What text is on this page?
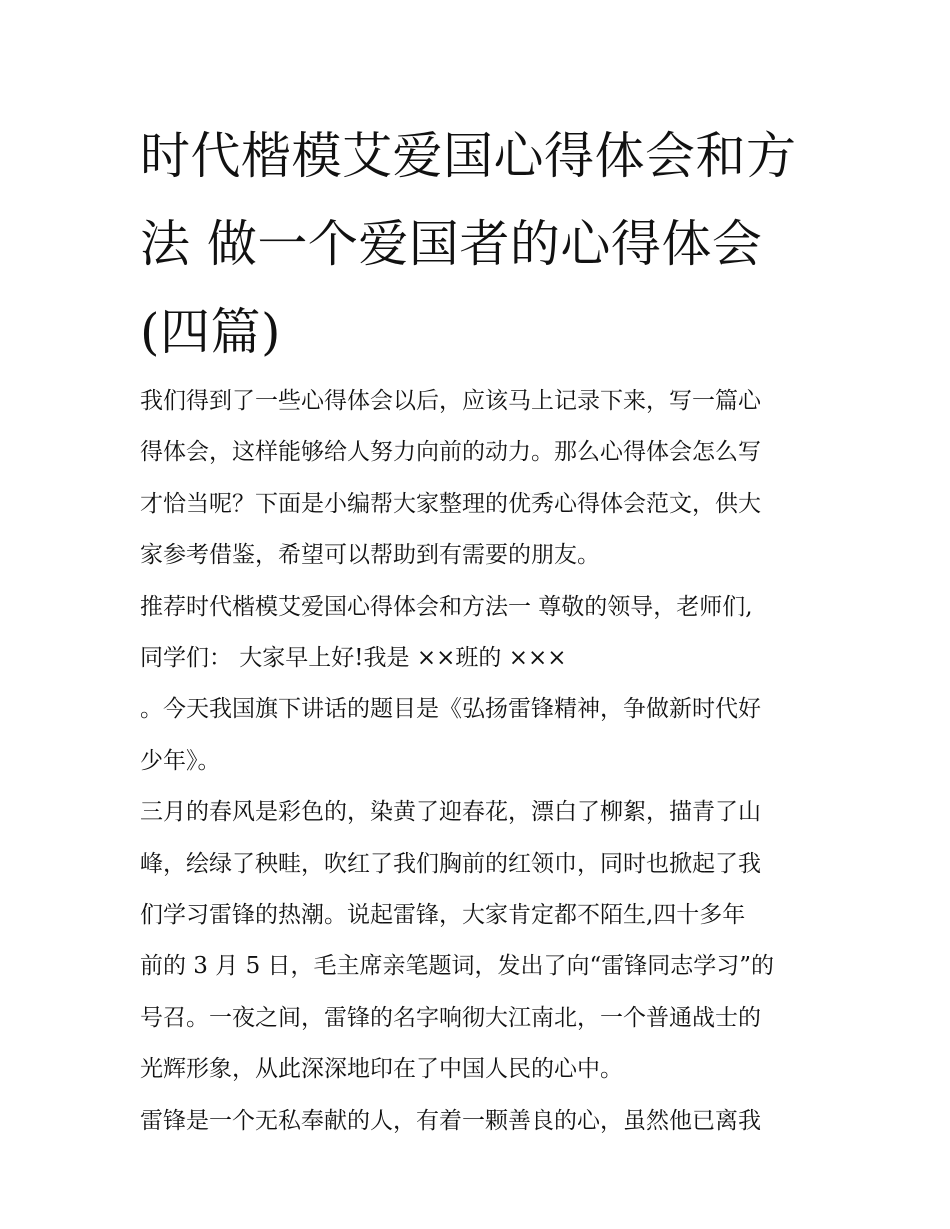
时代楷模艾爱国心得体会和方
法 做一个爱国者的心得体会
(四篇)
我们得到了一些心得体会以后，应该马上记录下来，写一篇心
得体会，这样能够给人努力向前的动力。那么心得体会怎么写
才恰当呢？下面是小编帮大家整理的优秀心得体会范文，供大
家参考借鉴，希望可以帮助到有需要的朋友。
推荐时代楷模艾爱国心得体会和方法一 尊敬的领导，老师们,
同学们： 大家早上好!我是 ××班的 ×××
。今天我国旗下讲话的题目是《弘扬雷锋精神，争做新时代好
少年》。
三月的春风是彩色的，染黄了迎春花，漂白了柳絮，描青了山
峰，绘绿了秧畦，吹红了我们胸前的红领巾，同时也掀起了我
们学习雷锋的热潮。说起雷锋，大家肯定都不陌生,四十多年
前的 3 月 5 日，毛主席亲笔题词，发出了向“雷锋同志学习”的
号召。一夜之间，雷锋的名字响彻大江南北，一个普通战士的
光辉形象，从此深深地印在了中国人民的心中。
雷锋是一个无私奉献的人，有着一颗善良的心，虽然他已离我
